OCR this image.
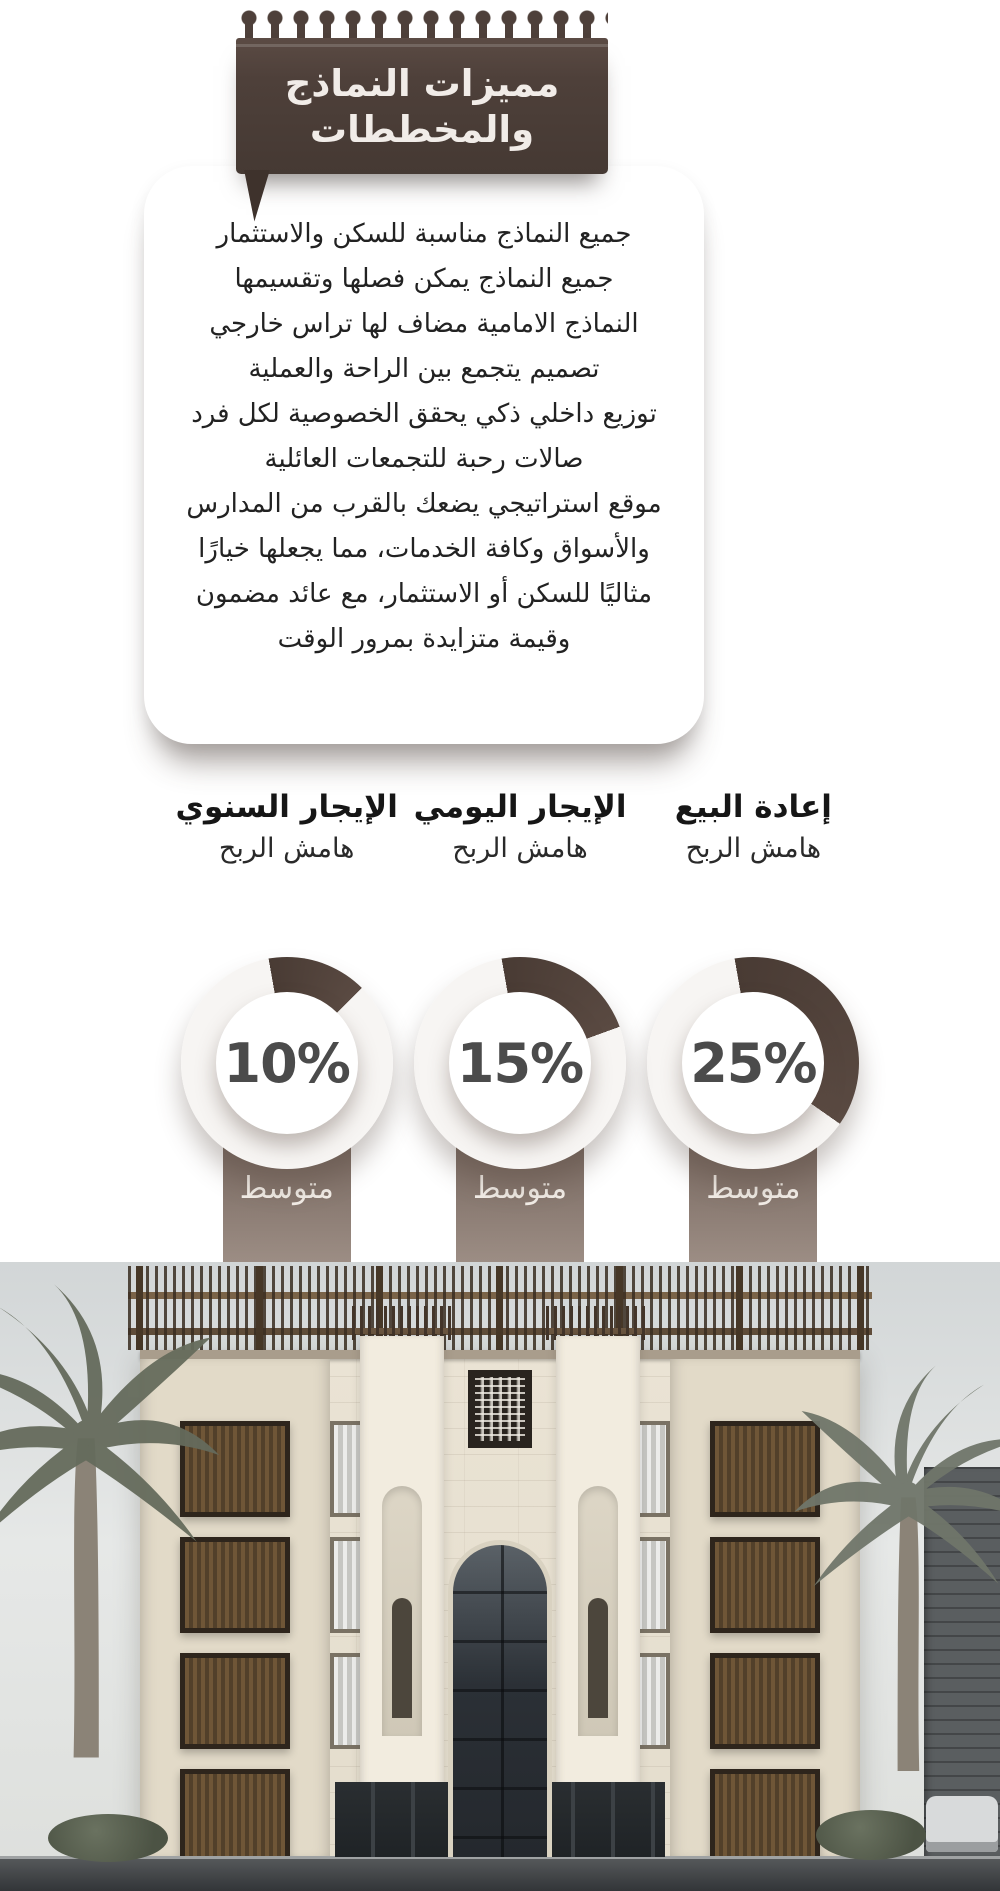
مميزات النماذج
والمخططات

جميع النماذج مناسبة للسكن والاستثمار

جميع النماذج يمكن فصلها وتقسيمها

النماذج الامامية مضاف لها تراس خارجي

تصميم يتجمع بين الراحة والعملية

توزيع داخلي ذكي يحقق الخصوصية لكل فرد

صالات رحبة للتجمعات العائلية

موقع استراتيجي يضعك بالقرب من المدارس والأسواق وكافة الخدمات، مما يجعلها خيارًا مثاليًا للسكن أو الاستثمار، مع عائد مضمون وقيمة متزايدة بمرور الوقت

إعادة البيع
هامش الربح
متوسط
25%
الإيجار اليومي
هامش الربح
متوسط
15%
الإيجار السنوي
هامش الربح
متوسط
10%
